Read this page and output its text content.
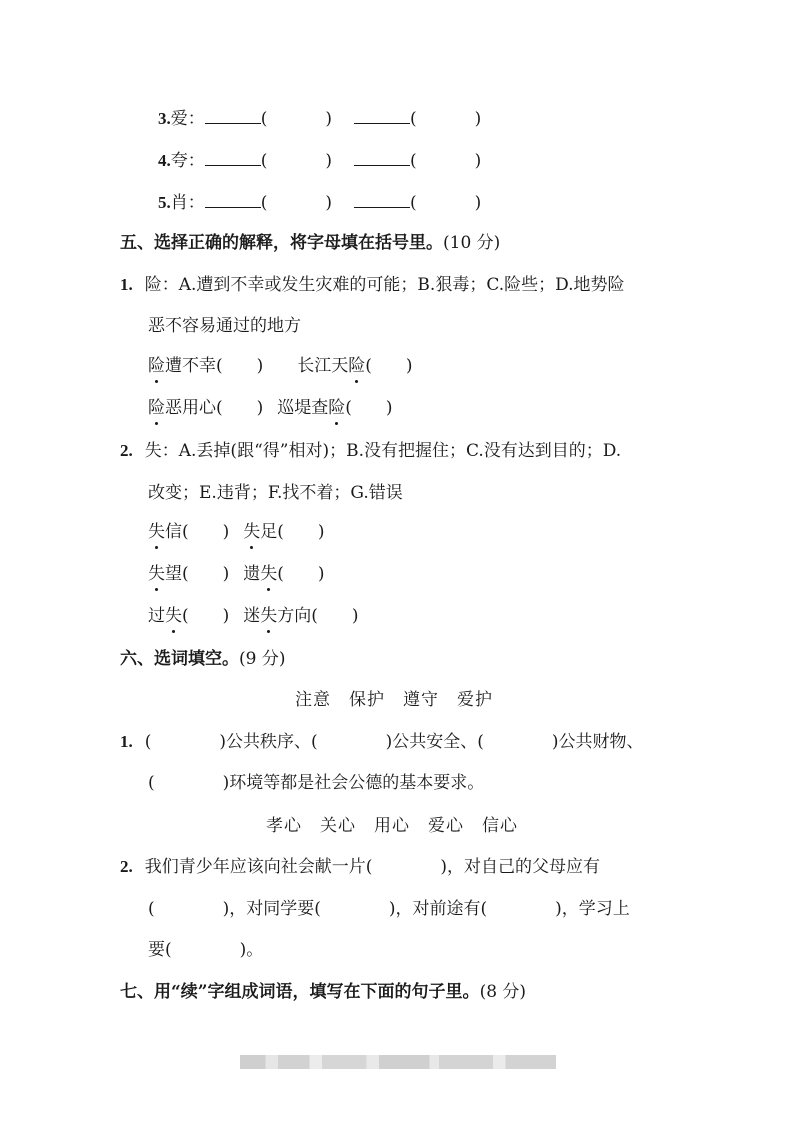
3.爱：	(	)	(	)
4.夸：	(	)	(	)
5.肖：	(	)	(	)
五、选择正确的解释，将字母填在括号里。(10 分)
1. 险：A.遭到不幸或发生灾难的可能；B.狠毒；C.险些；D.地势险
恶不容易通过的地方
险遭不幸(　　) 长江天险(　　)
险恶用心(　　) 巡堤查险(　　)
2. 失：A.丢掉(跟“得”相对)；B.没有把握住；C.没有达到目的；D.
改变；E.违背；F.找不着；G.错误
失信(　　) 失足(　　)
失望(　　) 遗失(　　)
过失(　　) 迷失方向(　　)
六、选词填空。(9 分)
注意　保护　遵守　爱护
1. (　　　　)公共秩序、(　　　　)公共安全、(　　　　)公共财物、
(　　　　)环境等都是社会公德的基本要求。
孝心　关心　用心　爱心　信心
2. 我们青少年应该向社会献一片(　　　　)，对自己的父母应有
(　　　　)，对同学要(　　　　)，对前途有(　　　　)，学习上
要(　　　　)。
七、用“续”字组成词语，填写在下面的句子里。(8 分)
